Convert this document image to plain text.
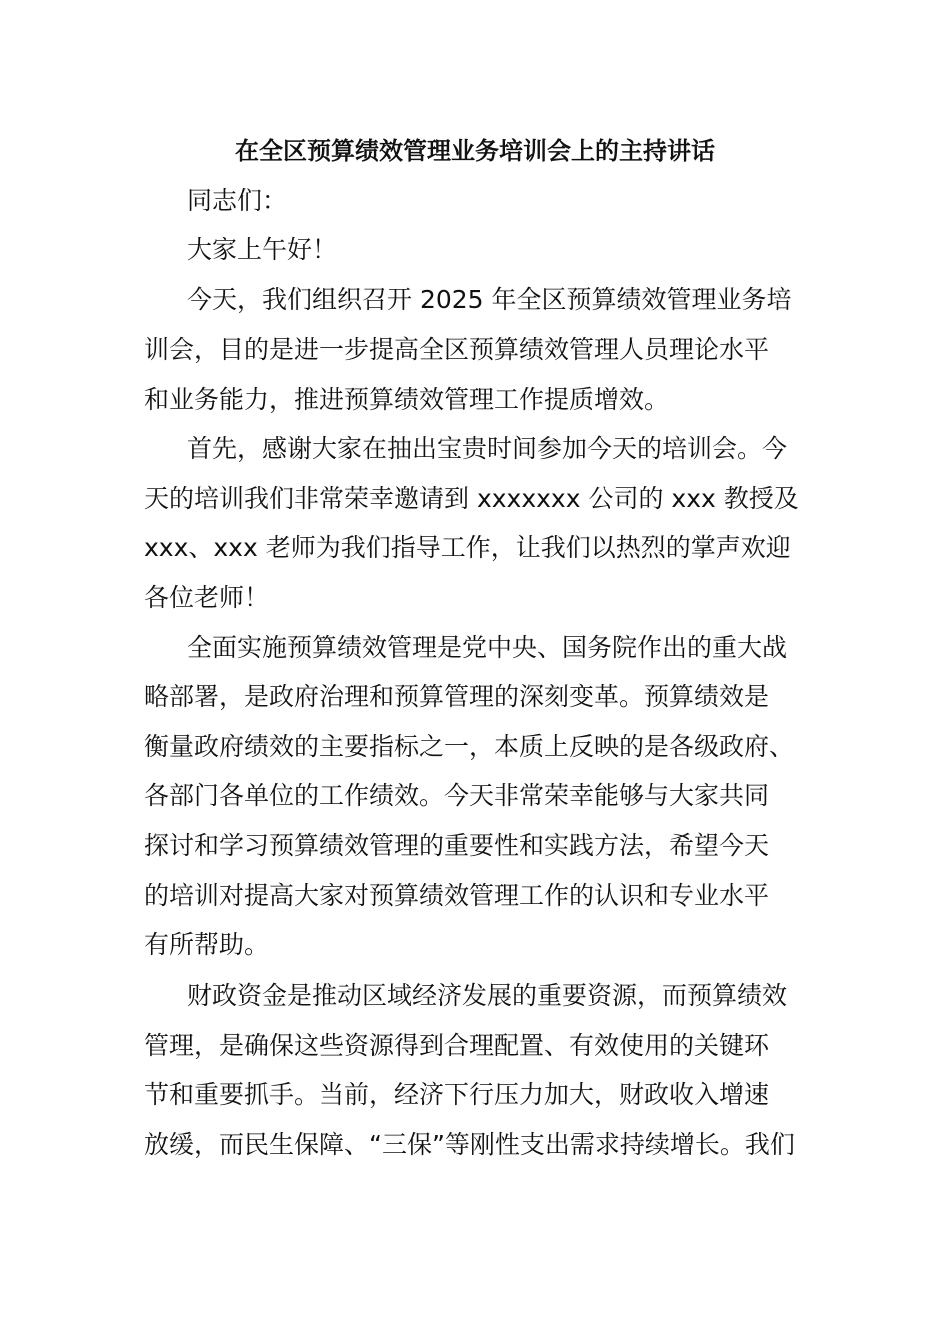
在全区预算绩效管理业务培训会上的主持讲话
同志们：
大家上午好！
今天，我们组织召开 2025 年全区预算绩效管理业务培
训会，目的是进一步提高全区预算绩效管理人员理论水平
和业务能力，推进预算绩效管理工作提质增效。
首先，感谢大家在抽出宝贵时间参加今天的培训会。今
天的培训我们非常荣幸邀请到 xxxxxxx 公司的 xxx 教授及
xxx、xxx 老师为我们指导工作，让我们以热烈的掌声欢迎
各位老师！
全面实施预算绩效管理是党中央、国务院作出的重大战
略部署，是政府治理和预算管理的深刻变革。预算绩效是
衡量政府绩效的主要指标之一，本质上反映的是各级政府、
各部门各单位的工作绩效。今天非常荣幸能够与大家共同
探讨和学习预算绩效管理的重要性和实践方法，希望今天
的培训对提高大家对预算绩效管理工作的认识和专业水平
有所帮助。
财政资金是推动区域经济发展的重要资源，而预算绩效
管理，是确保这些资源得到合理配置、有效使用的关键环
节和重要抓手。当前，经济下行压力加大，财政收入增速
放缓，而民生保障、“三保”等刚性支出需求持续增长。我们
